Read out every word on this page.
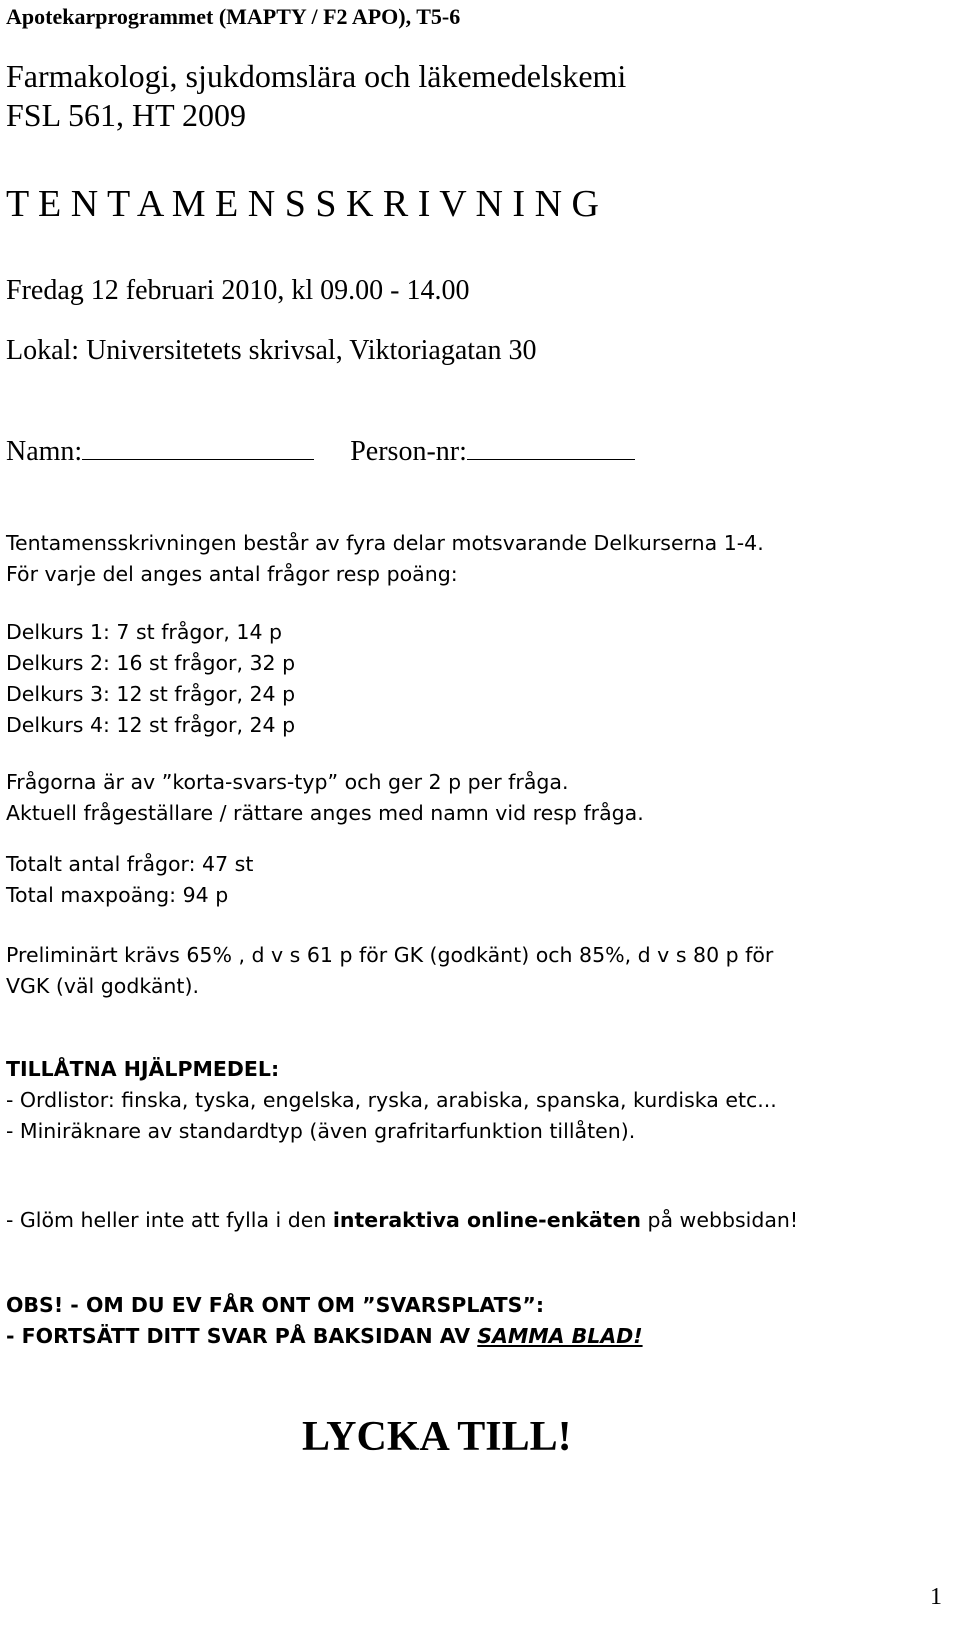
Apotekarprogrammet (MAPTY / F2 APO), T5-6
Farmakologi, sjukdomslära och läkemedelskemi
FSL 561, HT 2009
T E N T A M E N S S K R I V N I N G
Fredag 12 februari 2010, kl 09.00 - 14.00
Lokal: Universitetets skrivsal, Viktoriagatan 30
Namn:	Person-nr:
Tentamensskrivningen består av fyra delar motsvarande Delkurserna 1-4.
För varje del anges antal frågor resp poäng:
Delkurs 1: 7 st frågor, 14 p
Delkurs 2: 16 st frågor, 32 p
Delkurs 3: 12 st frågor, 24 p
Delkurs 4: 12 st frågor, 24 p
Frågorna är av ”korta-svars-typ” och ger 2 p per fråga.
Aktuell frågeställare / rättare anges med namn vid resp fråga.
Totalt antal frågor: 47 st
Total maxpoäng: 94 p
Preliminärt krävs 65% , d v s 61 p för GK (godkänt) och 85%, d v s 80 p för
VGK (väl godkänt).
TILLÅTNA HJÄLPMEDEL:
- Ordlistor: finska, tyska, engelska, ryska, arabiska, spanska, kurdiska etc...
- Miniräknare av standardtyp (även grafritarfunktion tillåten).
- Glöm heller inte att fylla i den interaktiva online-enkäten på webbsidan!
OBS! - OM DU EV FÅR ONT OM ”SVARSPLATS”:
- FORTSÄTT DITT SVAR PÅ BAKSIDAN AV SAMMA BLAD!
LYCKA TILL!
1
